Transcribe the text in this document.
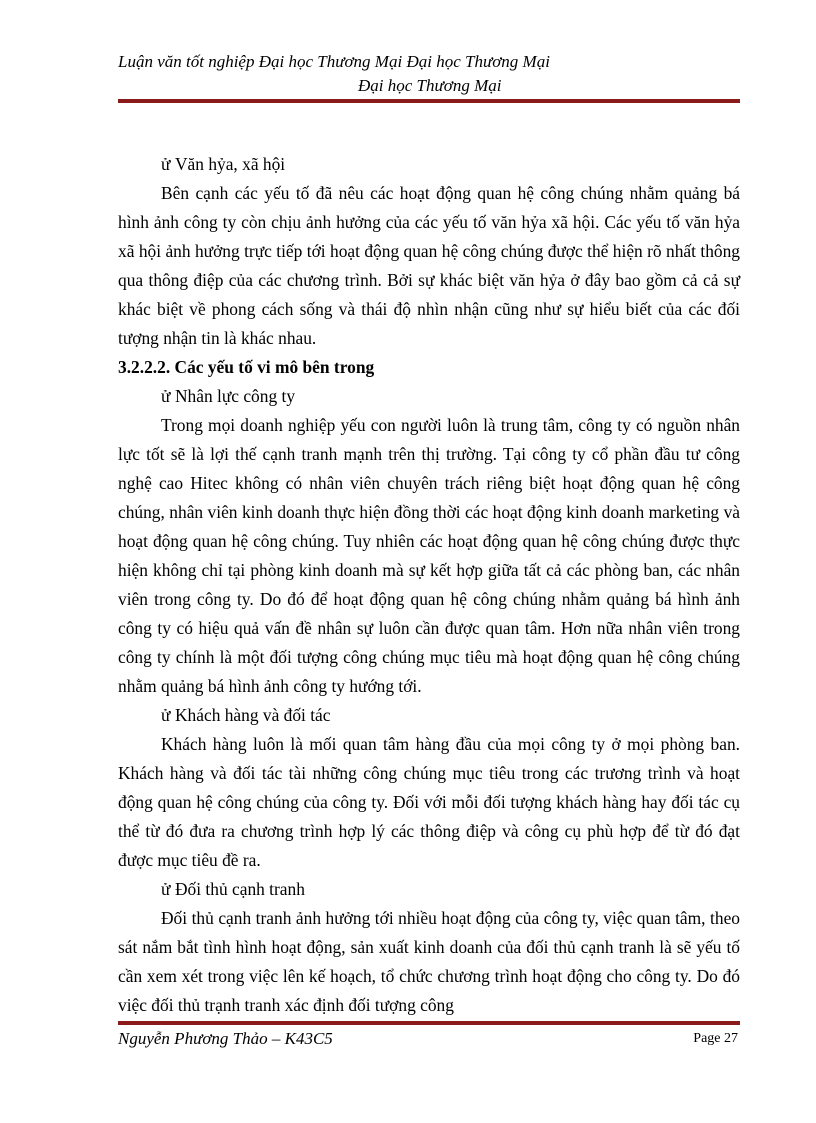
Luận văn tốt nghiệp Đại học Thương Mại Đại học Thương Mại
Đại học Thương Mại

ử Văn hỷa, xã hội

Bên cạnh các yếu tố đã nêu các hoạt động quan hệ công chúng nhằm quảng bá hình ảnh công ty còn chịu ảnh hưởng của các yếu tố văn hỷa xã hội. Các yếu tố văn hỷa xã hội ảnh hưởng trực tiếp tới hoạt động quan hệ công chúng được thể hiện rõ nhất thông qua thông điệp của các chương trình. Bởi sự khác biệt văn hỷa ở đây bao gồm cả cả sự khác biệt về phong cách sống và thái độ nhìn nhận cũng như sự hiểu biết của các đối tượng nhận tin là khác nhau.

3.2.2.2. Các yếu tố vi mô bên trong

ử Nhân lực công ty

Trong mọi doanh nghiệp yếu con người luôn là trung tâm, công ty có nguồn nhân lực tốt sẽ là lợi thế cạnh tranh mạnh trên thị trường. Tại công ty cổ phần đầu tư công nghệ cao Hitec không có nhân viên chuyên trách riêng biệt hoạt động quan hệ công chúng, nhân viên kinh doanh thực hiện đồng thời các hoạt động kinh doanh marketing và hoạt động quan hệ công chúng. Tuy nhiên các hoạt động quan hệ công chúng được thực hiện không chỉ tại phòng kinh doanh mà sự kết hợp giữa tất cả các phòng ban, các nhân viên trong công ty. Do đó để hoạt động quan hệ công chúng nhằm quảng bá hình ảnh công ty có hiệu quả vấn đề nhân sự luôn cần được quan tâm. Hơn nữa nhân viên trong công ty chính là một đối tượng công chúng mục tiêu mà hoạt động quan hệ công chúng nhằm quảng bá hình ảnh công ty hướng tới.

ử Khách hàng và đối tác

Khách hàng luôn là mối quan tâm hàng đầu của mọi công ty ở mọi phòng ban. Khách hàng và đối tác tài những công chúng mục tiêu trong các trương trình và hoạt động quan hệ công chúng của công ty. Đối với mỗi đối tượng khách hàng hay đối tác cụ thể từ đó đưa ra chương trình hợp lý các thông điệp và công cụ phù hợp để từ đó đạt được mục tiêu đề ra.

ử Đối thủ cạnh tranh

Đối thủ cạnh tranh ảnh hưởng tới nhiều hoạt động của công ty, việc quan tâm, theo sát nắm bắt tình hình hoạt động, sản xuất kinh doanh của đối thủ cạnh tranh là sẽ yếu tố cần xem xét trong việc lên kế hoạch, tổ chức chương trình hoạt động cho công ty. Do đó việc đối thủ trạnh tranh xác định đối tượng công

Nguyễn Phương Thảo – K43C5	Page 27
